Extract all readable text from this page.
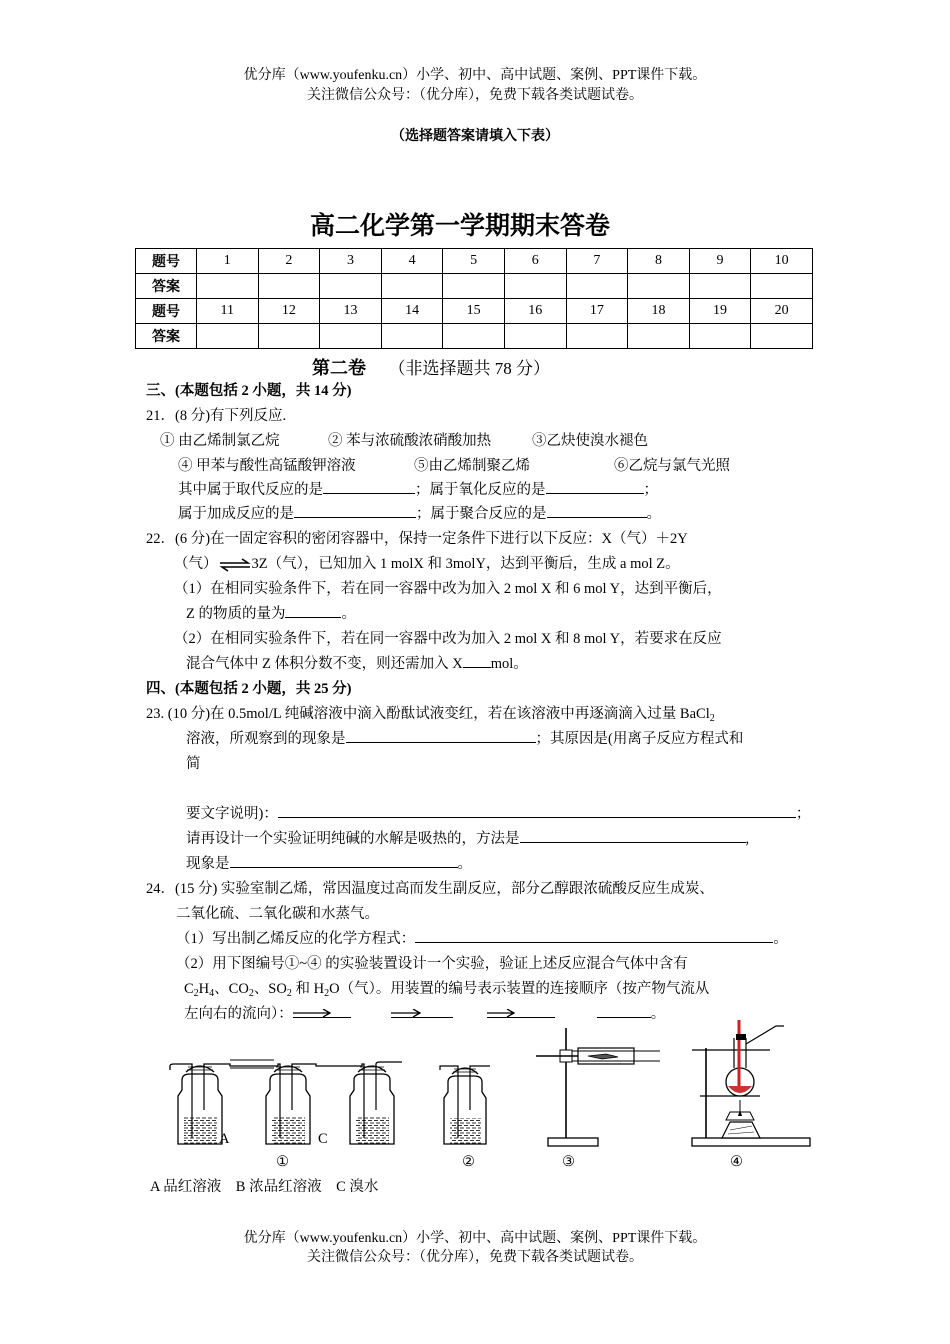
优分库（www.youfenku.cn）小学、初中、高中试题、案例、PPT课件下载。
关注微信公众号：（优分库），免费下载各类试题试卷。
（选择题答案请填入下表）
高二化学第一学期期末答卷
题号	1	2	3	4	5	6	7	8	9	10
答案										
题号	11	12	13	14	15	16	17	18	19	20
答案										
第二卷 （非选择题共 78 分）
三、(本题包括 2 小题，共 14 分)
21．(8 分)有下列反应.
① 由乙烯制氯乙烷	② 苯与浓硫酸浓硝酸加热	③乙炔使溴水褪色
④ 甲苯与酸性高锰酸钾溶液	⑤由乙烯制聚乙烯	⑥乙烷与氯气光照
其中属于取代反应的是	；属于氧化反应的是	；
属于加成反应的是	；属于聚合反应的是	。
22．(6 分)在一固定容积的密闭容器中，保持一定条件下进行以下反应：X（气）＋2Y
（气）⇌3Z（气），已知加入 1 molX 和 3molY，达到平衡后，生成 a mol Z。
（1）在相同实验条件下，若在同一容器中改为加入 2 mol X 和 6 mol Y，达到平衡后，
Z 的物质的量为	。
（2）在相同实验条件下，若在同一容器中改为加入 2 mol X 和 8 mol Y，若要求在反应
混合气体中 Z 体积分数不变，则还需加入 X mol。
四、(本题包括 2 小题，共 25 分)
23. (10 分)在 0.5mol/L 纯碱溶液中滴入酚酞试液变红，若在该溶液中再逐滴滴入过量 BaCl$_2$
溶液，所观察到的现象是	；其原因是(用离子反应方程式和
简
要文字说明)：	；
请再设计一个实验证明纯碱的水解是吸热的，方法是	,
现象是	。
24．(15 分) 实验室制乙烯，常因温度过高而发生副反应，部分乙醇跟浓硫酸反应生成炭、
二氧化硫、二氧化碳和水蒸气。
（1）写出制乙烯反应的化学方程式：	。
（2）用下图编号①~④ 的实验装置设计一个实验，验证上述反应混合气体中含有
$C_2H_4$、$CO_2$、$SO_2$ 和 $H_2O$（气）。用装置的编号表示装置的连接顺序（按产物气流从
左向右的流向）：	。
A	C
①	②	③	④
A 品红溶液　B 浓品红溶液　C 溴水
优分库（www.youfenku.cn）小学、初中、高中试题、案例、PPT课件下载。
关注微信公众号：（优分库），免费下载各类试题试卷。
